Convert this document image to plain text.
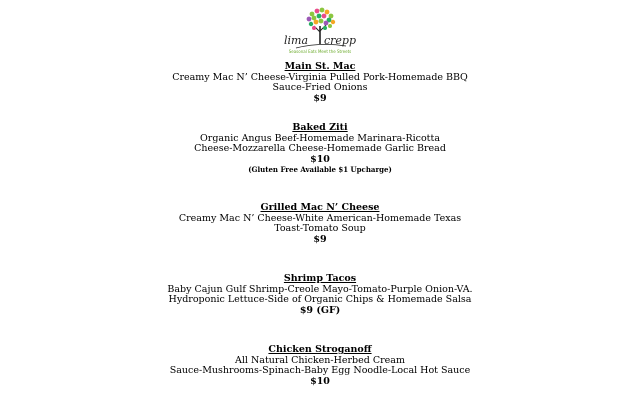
lima crepp
Seasonal Eats Meet the Streets
Main St. Mac
Creamy Mac N’ Cheese-Virginia Pulled Pork-Homemade BBQ
Sauce-Fried Onions
$9
Baked Ziti
Organic Angus Beef-Homemade Marinara-Ricotta
Cheese-Mozzarella Cheese-Homemade Garlic Bread
$10
(Gluten Free Available $1 Upcharge)
Grilled Mac N’ Cheese
Creamy Mac N’ Cheese-White American-Homemade Texas
Toast-Tomato Soup
$9
Shrimp Tacos
Baby Cajun Gulf Shrimp-Creole Mayo-Tomato-Purple Onion-VA.
Hydroponic Lettuce-Side of Organic Chips & Homemade Salsa
$9 (GF)
Chicken Stroganoff
All Natural Chicken-Herbed Cream
Sauce-Mushrooms-Spinach-Baby Egg Noodle-Local Hot Sauce
$10
